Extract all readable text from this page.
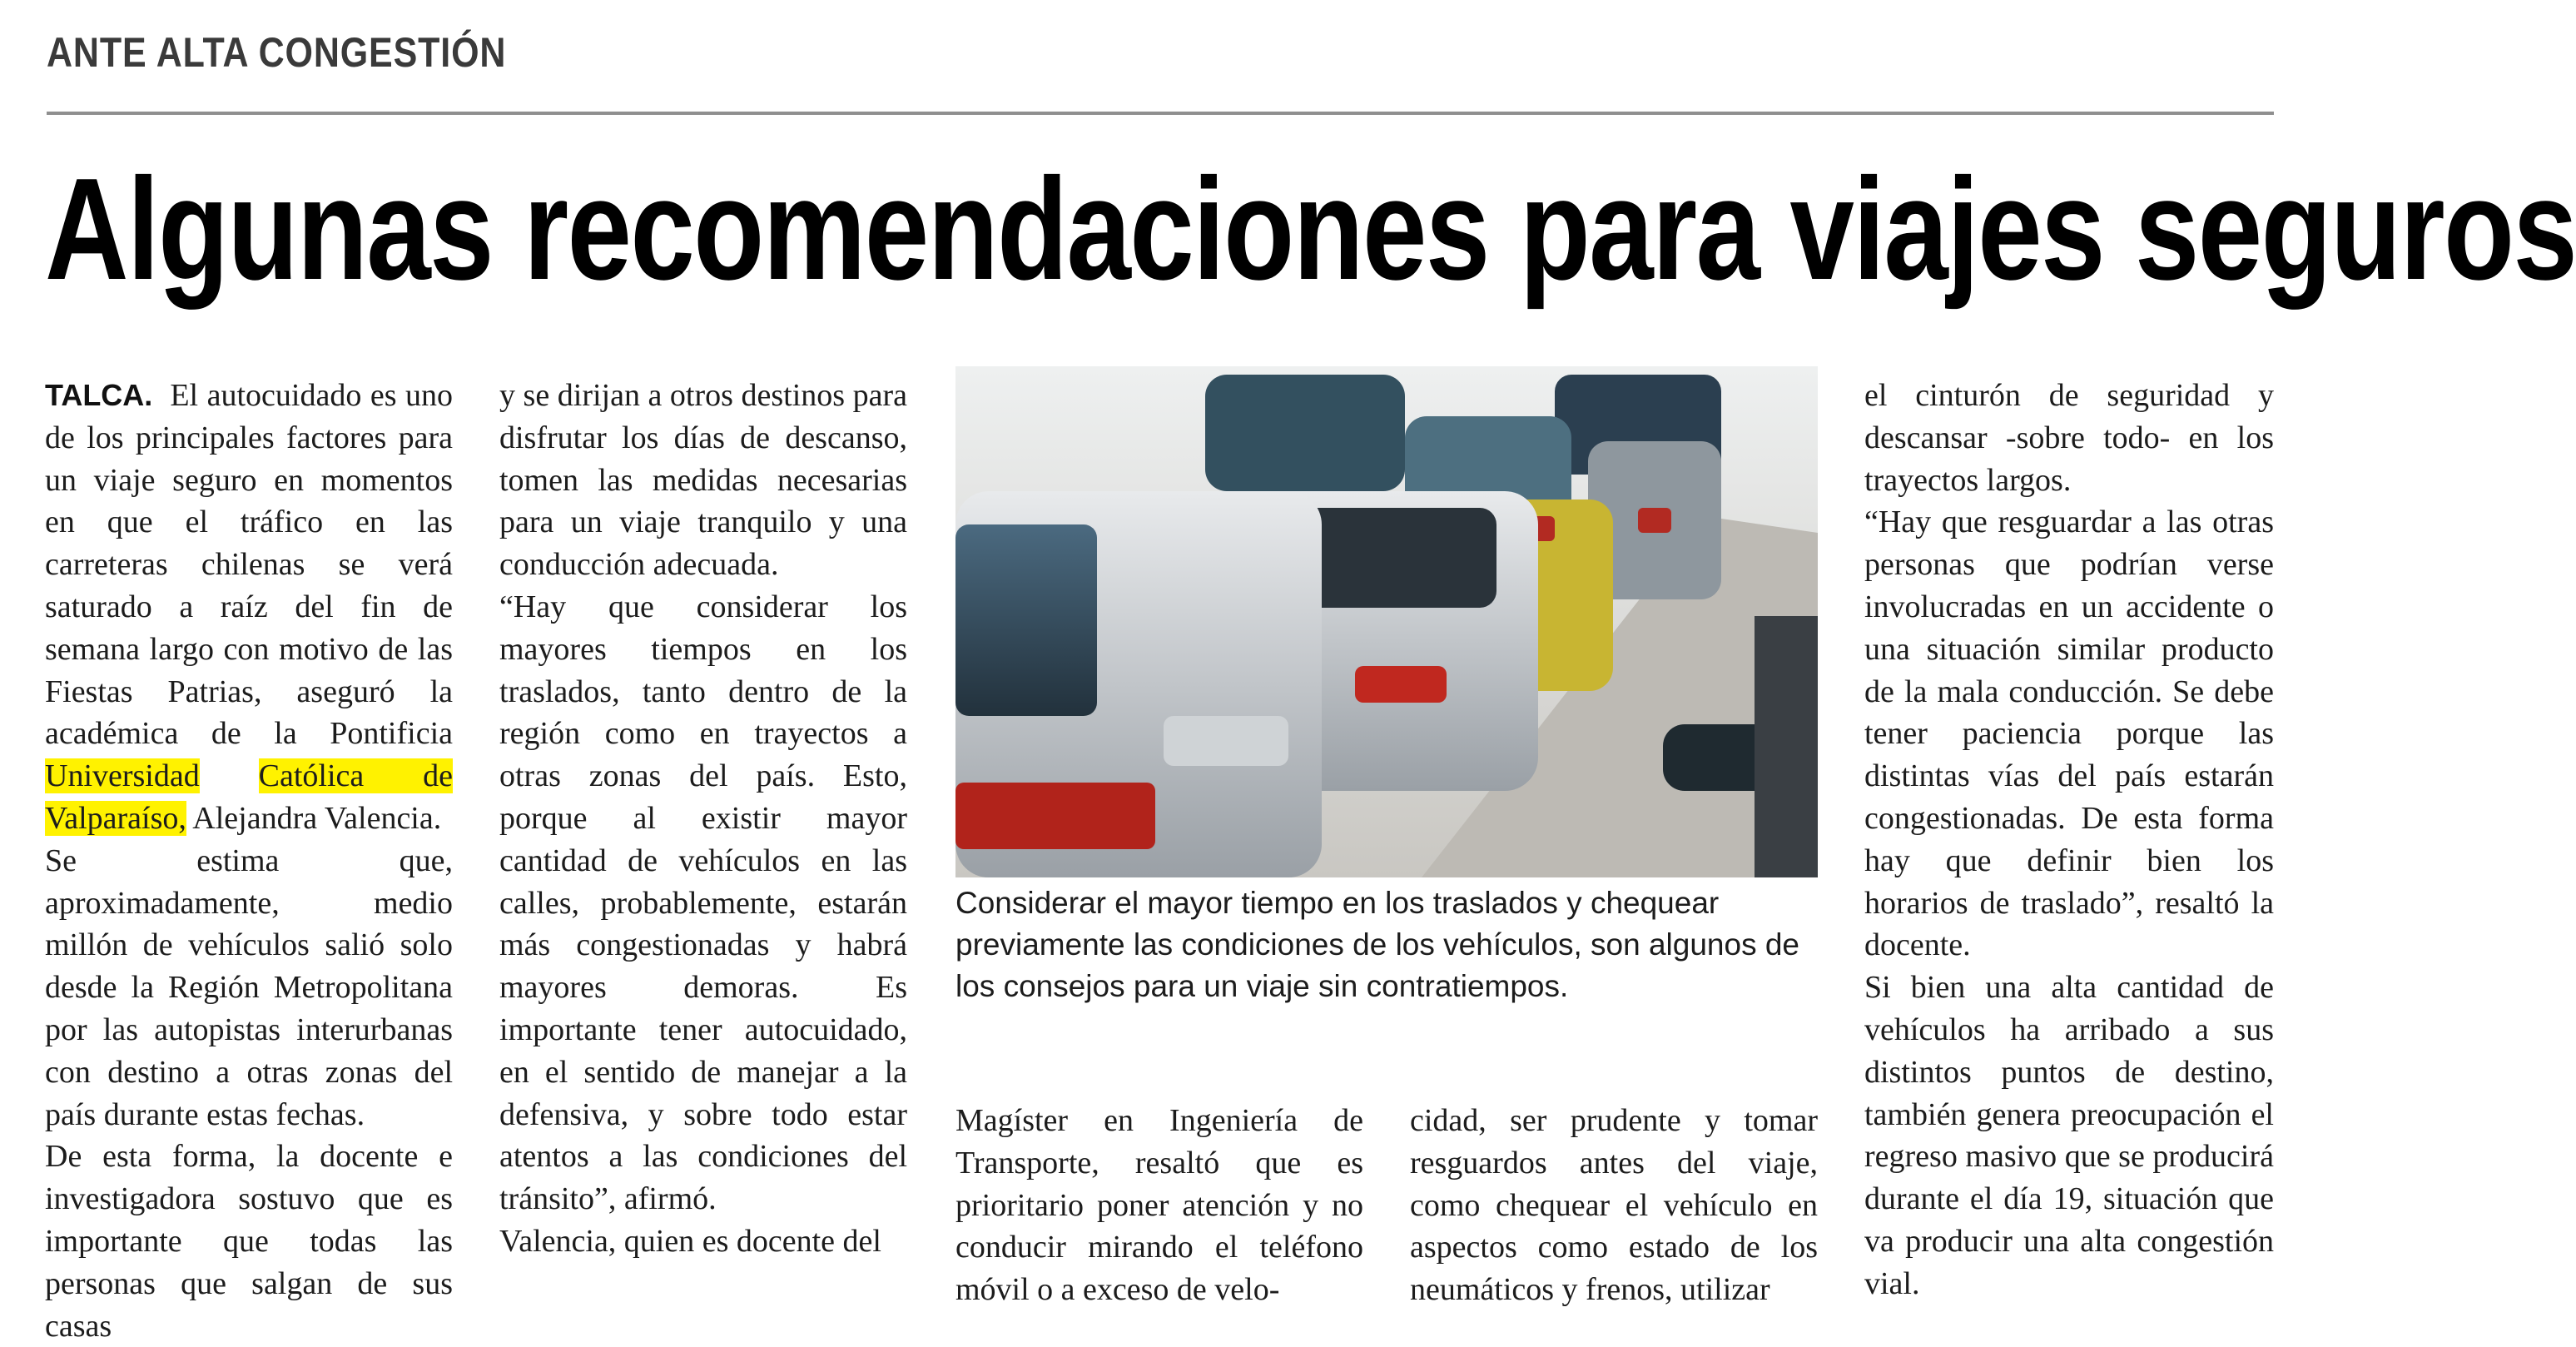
ANTE ALTA CONGESTIÓN
Algunas recomendaciones para viajes seguros

TALCA. El autocuidado es uno de los principales factores para un viaje seguro en momentos en que el tráfico en las carreteras chilenas se verá saturado a raíz del fin de semana largo con motivo de las Fiestas Patrias, aseguró la académica de la Pontificia Universidad Católica de Valparaíso, Alejandra Valencia.

Se estima que, aproximadamente, medio millón de vehículos salió solo desde la Región Metropolitana por las autopistas interurbanas con destino a otras zonas del país durante estas fechas.

De esta forma, la docente e investigadora sostuvo que es importante que todas las personas que salgan de sus casas

y se dirijan a otros destinos para disfrutar los días de descanso, tomen las medidas necesarias para un viaje tranquilo y una conducción adecuada.

“Hay que considerar los mayores tiempos en los traslados, tanto dentro de la región como en trayectos a otras zonas del país. Esto, porque al existir mayor cantidad de vehículos en las calles, probablemente, estarán más congestionadas y habrá mayores demoras. Es importante tener autocuidado, en el sentido de manejar a la defensiva, y sobre todo estar atentos a las condiciones del tránsito”, afirmó.

Valencia, quien es docente del

Considerar el mayor tiempo en los traslados y chequear previamente las condiciones de los vehículos, son algunos de los consejos para un viaje sin contratiempos.

Magíster en Ingeniería de Transporte, resaltó que es prioritario poner atención y no conducir mirando el teléfono móvil o a exceso de velo-

cidad, ser prudente y tomar resguardos antes del viaje, como chequear el vehículo en aspectos como estado de los neumáticos y frenos, utilizar

el cinturón de seguridad y descansar -sobre todo- en los trayectos largos.

“Hay que resguardar a las otras personas que podrían verse involucradas en un accidente o una situación similar producto de la mala conducción. Se debe tener paciencia porque las distintas vías del país estarán congestionadas. De esta forma hay que definir bien los horarios de traslado”, resaltó la docente.

Si bien una alta cantidad de vehículos ha arribado a sus distintos puntos de destino, también genera preocupación el regreso masivo que se producirá durante el día 19, situación que va producir una alta congestión vial.
